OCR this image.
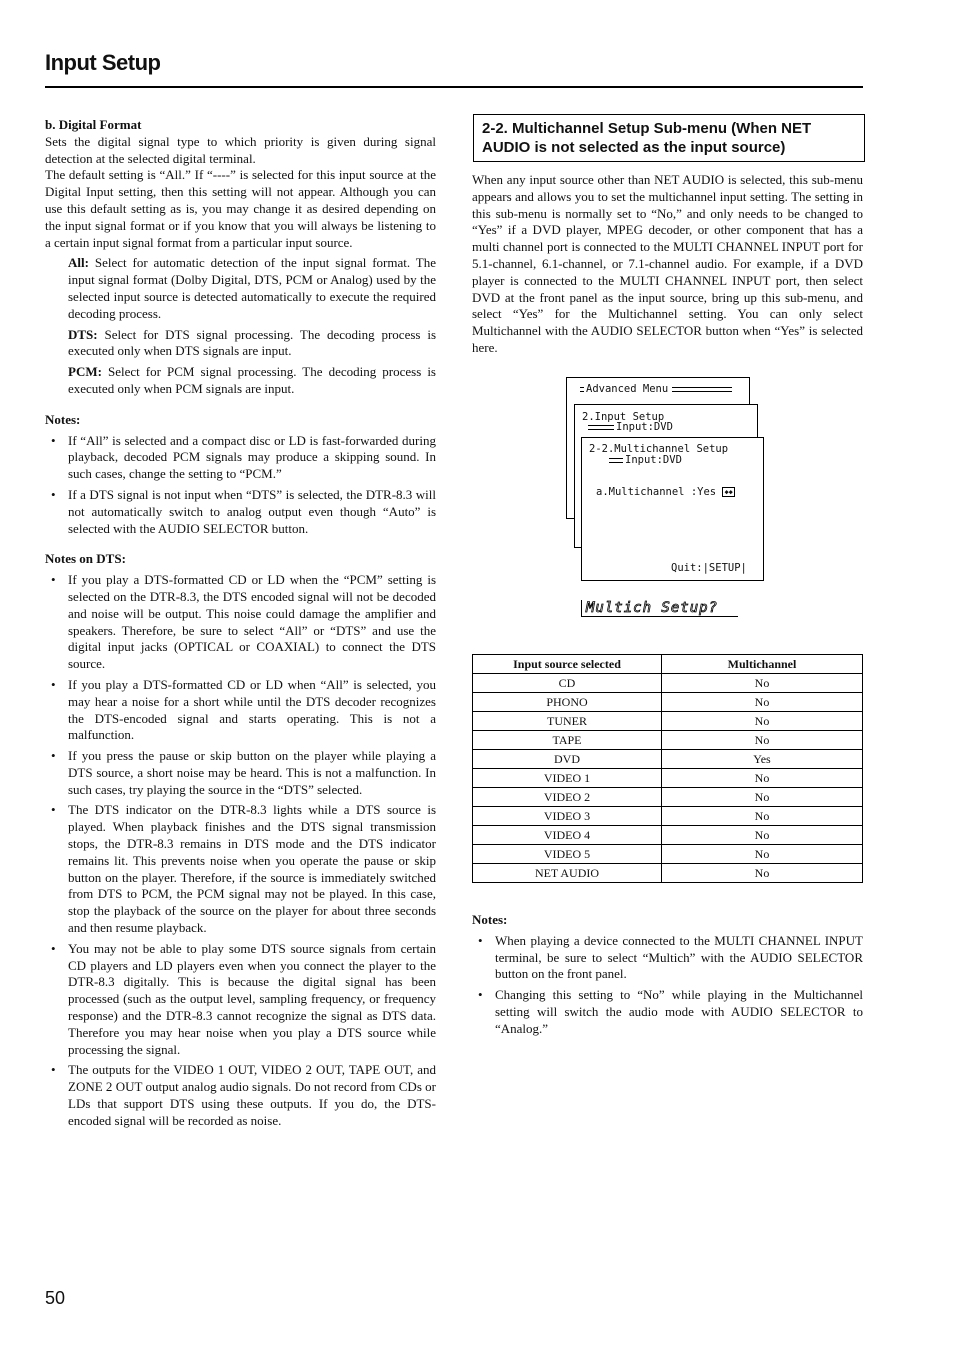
Input Setup

b. Digital Format

Sets the digital signal type to which priority is given during signal detection at the selected digital terminal.

The default setting is “All.” If “----” is selected for this input source at the Digital Input setting, then this setting will not appear. Although you can use this default setting as is, you may change it as desired depending on the input signal format or if you know that you will always be listening to a certain input signal format from a particular input source.

All: Select for automatic detection of the input signal format. The input signal format (Dolby Digital, DTS, PCM or Analog) used by the selected input source is detected automatically to execute the required decoding process.

DTS: Select for DTS signal processing. The decoding process is executed only when DTS signals are input.

PCM: Select for PCM signal processing. The decoding process is executed only when PCM signals are input.

Notes:

• If “All” is selected and a compact disc or LD is fast-forwarded during playback, decoded PCM signals may produce a skipping sound. In such cases, change the setting to “PCM.”
• If a DTS signal is not input when “DTS” is selected, the DTR-8.3 will not automatically switch to analog output even though “Auto” is selected with the AUDIO SELECTOR button.

Notes on DTS:

• If you play a DTS-formatted CD or LD when the “PCM” setting is selected on the DTR-8.3, the DTS encoded signal will not be decoded and noise will be output. This noise could damage the amplifier and speakers. Therefore, be sure to select “All” or “DTS” and use the digital input jacks (OPTICAL or COAXIAL) to connect the DTS source.
• If you play a DTS-formatted CD or LD when “All” is selected, you may hear a noise for a short while until the DTS decoder recognizes the DTS-encoded signal and starts operating. This is not a malfunction.
• If you press the pause or skip button on the player while playing a DTS source, a short noise may be heard. This is not a malfunction. In such cases, try playing the source in the “DTS” selected.
• The DTS indicator on the DTR-8.3 lights while a DTS source is played. When playback finishes and the DTS signal transmission stops, the DTR-8.3 remains in DTS mode and the DTS indicator remains lit. This prevents noise when you operate the pause or skip button on the player. Therefore, if the source is immediately switched from DTS to PCM, the PCM signal may not be played. In this case, stop the playback of the source on the player for about three seconds and then resume playback.
• You may not be able to play some DTS source signals from certain CD players and LD players even when you connect the player to the DTR-8.3 digitally. This is because the digital signal has been processed (such as the output level, sampling frequency, or frequency response) and the DTR-8.3 cannot recognize the signal as DTS data. Therefore you may hear noise when you play a DTS source while processing the signal.
• The outputs for the VIDEO 1 OUT, VIDEO 2 OUT, TAPE OUT, and ZONE 2 OUT output analog audio signals. Do not record from CDs or LDs that support DTS using these outputs. If you do, the DTS-encoded signal will be recorded as noise.
2-2. Multichannel Setup Sub-menu (When NET AUDIO is not selected as the input source)

When any input source other than NET AUDIO is selected, this sub-menu appears and allows you to set the multichannel input setting. The setting in this sub-menu is normally set to “No,” and only needs to be changed to “Yes” if a DVD player, MPEG decoder, or other component that has a multi channel port is connected to the MULTI CHANNEL INPUT port for 5.1-channel, 6.1-channel, or 7.1-channel audio. For example, if a DVD player is connected to the MULTI CHANNEL INPUT port, then select DVD at the front panel as the input source, bring up this sub-menu, and select “Yes” for the Multichannel setting. You can only select Multichannel with the AUDIO SELECTOR button when “Yes” is selected here.

Advanced Menu
2.Input Setup
Input:DVD
2-2.Multichannel Setup
Input:DVD
a.Multichannel :Yes ◆◆
Quit:|SETUP|
Multich Setup?
Input source selected	Multichannel
CD	No
PHONO	No
TUNER	No
TAPE	No
DVD	Yes
VIDEO 1	No
VIDEO 2	No
VIDEO 3	No
VIDEO 4	No
VIDEO 5	No
NET AUDIO	No

Notes:

• When playing a device connected to the MULTI CHANNEL INPUT terminal, be sure to select “Multich” with the AUDIO SELECTOR button on the front panel.
• Changing this setting to “No” while playing in the Multichannel setting will switch the audio mode with AUDIO SELECTOR to “Analog.”
50
